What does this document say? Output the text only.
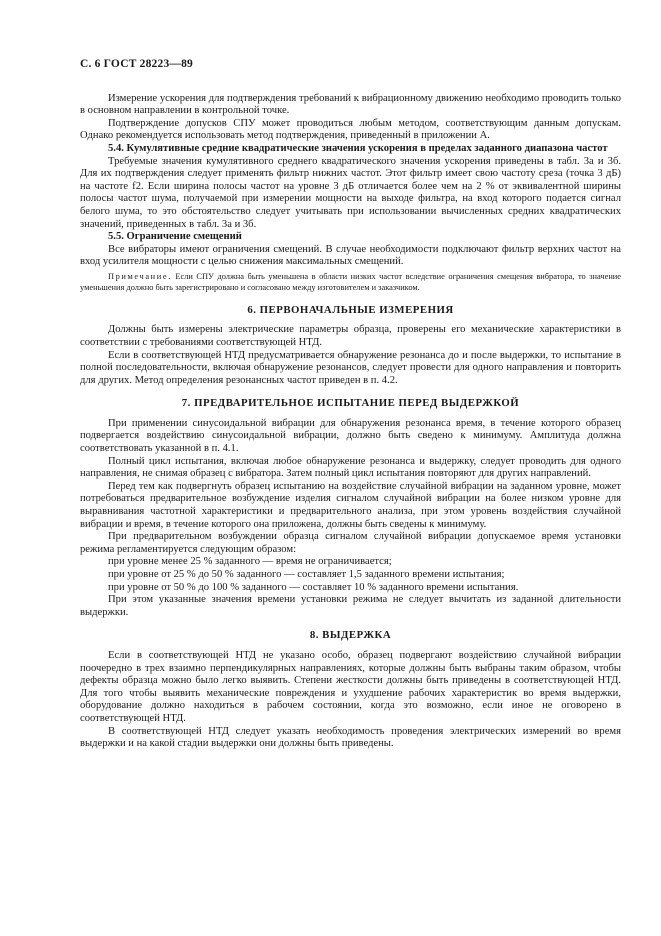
С. 6 ГОСТ 28223—89

Измерение ускорения для подтверждения требований к вибрационному движению необходимо проводить только в основном направлении в контрольной точке.

Подтверждение допусков СПУ может проводиться любым методом, соответствующим данным допускам. Однако рекомендуется использовать метод подтверждения, приведенный в приложении А.

5.4. Кумулятивные средние квадратические значения ускорения в пределах заданного диапазона частот

Требуемые значения кумулятивного среднего квадратического значения ускорения приведены в табл. 3а и 3б. Для их подтверждения следует применять фильтр нижних частот. Этот фильтр имеет свою частоту среза (точка 3 дБ) на частоте f2. Если ширина полосы частот на уровне 3 дБ отличается более чем на 2 % от эквивалентной ширины полосы частот шума, получаемой при измерении мощности на выходе фильтра, на вход которого подается сигнал белого шума, то это обстоятельство следует учитывать при использовании вычисленных средних квадратических значений, приведенных в табл. 3а и 3б.

5.5. Ограничение смещений

Все вибраторы имеют ограничения смещений. В случае необходимости подключают фильтр верхних частот на вход усилителя мощности с целью снижения максимальных смещений.

Примечание. Если СПУ должна быть уменьшена в области низких частот вследствие ограничения смещения вибратора, то значение уменьшения должно быть зарегистрировано и согласовано между изготовителем и заказчиком.

6. ПЕРВОНАЧАЛЬНЫЕ ИЗМЕРЕНИЯ

Должны быть измерены электрические параметры образца, проверены его механические характеристики в соответствии с требованиями соответствующей НТД.

Если в соответствующей НТД предусматривается обнаружение резонанса до и после выдержки, то испытание в полной последовательности, включая обнаружение резонансов, следует провести для одного направления и повторить для других. Метод определения резонансных частот приведен в п. 4.2.

7. ПРЕДВАРИТЕЛЬНОЕ ИСПЫТАНИЕ ПЕРЕД ВЫДЕРЖКОЙ

При применении синусоидальной вибрации для обнаружения резонанса время, в течение которого образец подвергается воздействию синусоидальной вибрации, должно быть сведено к минимуму. Амплитуда должна соответствовать указанной в п. 4.1.

Полный цикл испытания, включая любое обнаружение резонанса и выдержку, следует проводить для одного направления, не снимая образец с вибратора. Затем полный цикл испытания повторяют для других направлений.

Перед тем как подвергнуть образец испытанию на воздействие случайной вибрации на заданном уровне, может потребоваться предварительное возбуждение изделия сигналом случайной вибрации на более низком уровне для выравнивания частотной характеристики и предварительного анализа, при этом уровень воздействия случайной вибрации и время, в течение которого она приложена, должны быть сведены к минимуму.

При предварительном возбуждении образца сигналом случайной вибрации допускаемое время установки режима регламентируется следующим образом:

при уровне менее 25 % заданного — время не ограничивается;

при уровне от 25 % до 50 % заданного — составляет 1,5 заданного времени испытания;

при уровне от 50 % до 100 % заданного — составляет 10 % заданного времени испытания.

При этом указанные значения времени установки режима не следует вычитать из заданной длительности выдержки.

8. ВЫДЕРЖКА

Если в соответствующей НТД не указано особо, образец подвергают воздействию случайной вибрации поочередно в трех взаимно перпендикулярных направлениях, которые должны быть выбраны таким образом, чтобы дефекты образца можно было легко выявить. Степени жесткости должны быть приведены в соответствующей НТД. Для того чтобы выявить механические повреждения и ухудшение рабочих характеристик во время выдержки, оборудование должно находиться в рабочем состоянии, когда это возможно, если иное не оговорено в соответствующей НТД.

В соответствующей НТД следует указать необходимость проведения электрических измерений во время выдержки и на какой стадии выдержки они должны быть приведены.
